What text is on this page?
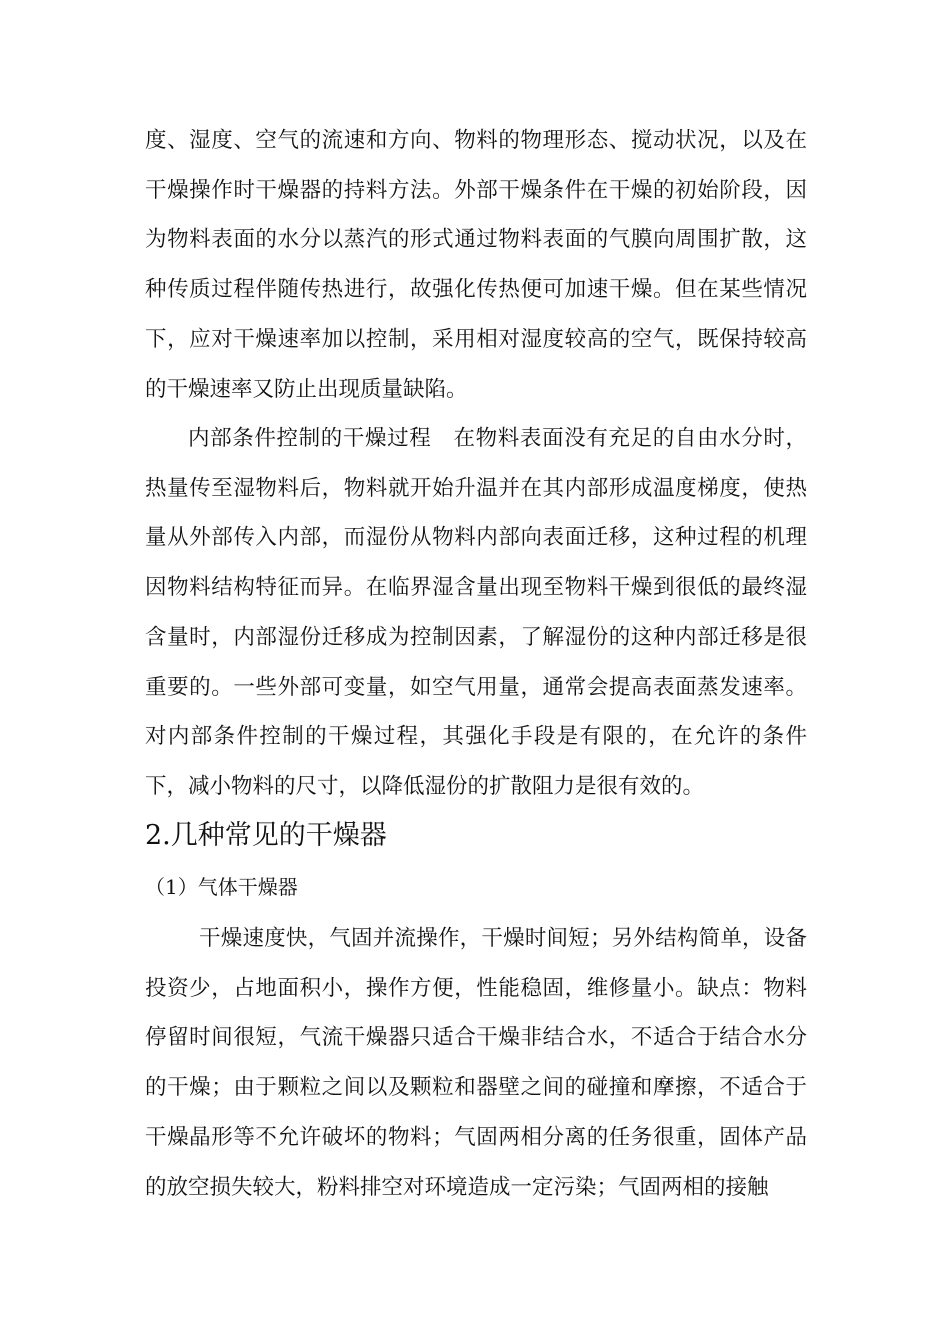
度、湿度、空气的流速和方向、物料的物理形态、搅动状况，以及在干燥操作时干燥器的持料方法。外部干燥条件在干燥的初始阶段，因为物料表面的水分以蒸汽的形式通过物料表面的气膜向周围扩散，这种传质过程伴随传热进行，故强化传热便可加速干燥。但在某些情况下，应对干燥速率加以控制，采用相对湿度较高的空气，既保持较高的干燥速率又防止出现质量缺陷。

内部条件控制的干燥过程　在物料表面没有充足的自由水分时，热量传至湿物料后，物料就开始升温并在其内部形成温度梯度，使热量从外部传入内部，而湿份从物料内部向表面迁移，这种过程的机理因物料结构特征而异。在临界湿含量出现至物料干燥到很低的最终湿含量时，内部湿份迁移成为控制因素，了解湿份的这种内部迁移是很重要的。一些外部可变量，如空气用量，通常会提高表面蒸发速率。对内部条件控制的干燥过程，其强化手段是有限的，在允许的条件下，减小物料的尺寸，以降低湿份的扩散阻力是很有效的。

2.几种常见的干燥器
（1）气体干燥器

干燥速度快，气固并流操作，干燥时间短；另外结构简单，设备投资少，占地面积小，操作方便，性能稳固，维修量小。缺点：物料停留时间很短，气流干燥器只适合干燥非结合水，不适合于结合水分的干燥；由于颗粒之间以及颗粒和器壁之间的碰撞和摩擦，不适合于干燥晶形等不允许破坏的物料；气固两相分离的任务很重，固体产品的放空损失较大，粉料排空对环境造成一定污染；气固两相的接触
